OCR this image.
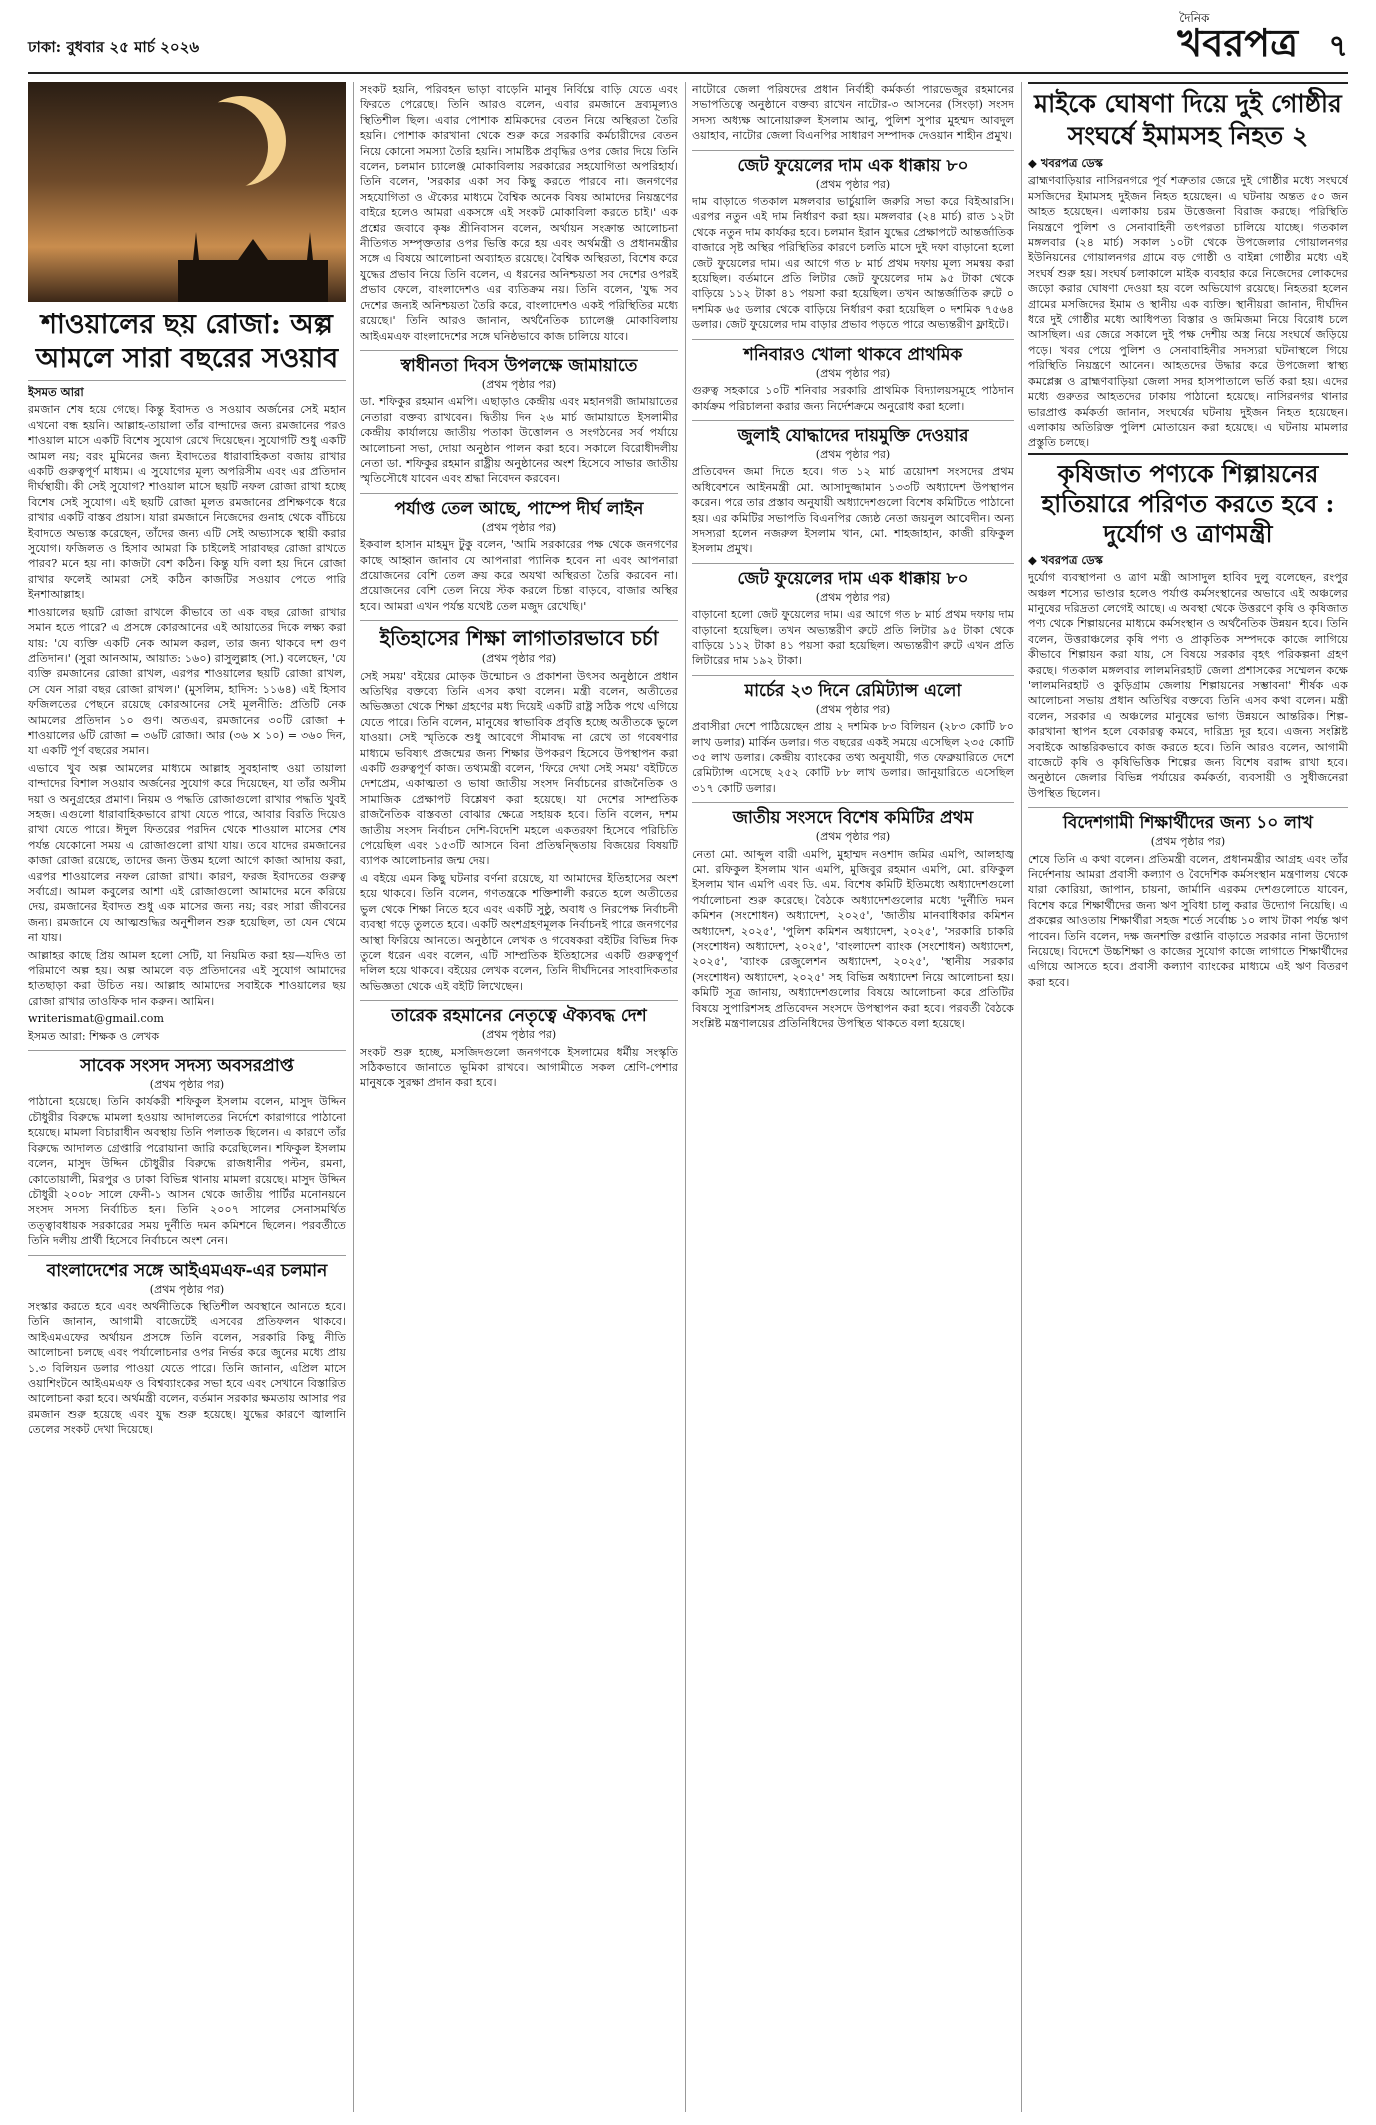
ঢাকা: বুধবার ২৫ মার্চ ২০২৬
দৈনিক
খবরপত্র ৭
শাওয়ালের ছয় রোজা: অল্প আমলে সারা বছরের সওয়াব
ইসমত আরা

রমজান শেষ হয়ে গেছে। কিন্তু ইবাদত ও সওয়াব অর্জনের সেই মহান এখনো বন্ধ হয়নি। আল্লাহ-তায়ালা তাঁর বান্দাদের জন্য রমজানের পরও শাওয়াল মাসে একটি বিশেষ সুযোগ রেখে দিয়েছেন। সুযোগটি শুধু একটি আমল নয়; বরং মুমিনের জন্য ইবাদতের ধারাবাহিকতা বজায় রাখার একটি গুরুত্বপূর্ণ মাধ্যম। এ সুযোগের মূল্য অপরিসীম এবং এর প্রতিদান দীর্ঘস্থায়ী। কী সেই সুযোগ? শাওয়াল মাসে ছয়টি নফল রোজা রাখা হচ্ছে বিশেষ সেই সুযোগ। এই ছয়টি রোজা মূলত রমজানের প্রশিক্ষণকে ধরে রাখার একটি বাস্তব প্রয়াস। যারা রমজানে নিজেদের গুনাহ থেকে বাঁচিয়ে ইবাদতে অভ্যস্ত করেছেন, তাঁদের জন্য এটি সেই অভ্যাসকে স্থায়ী করার সুযোগ। ফজিলত ও হিসাব আমরা কি চাইলেই সারাবছর রোজা রাখতে পারব? মনে হয় না। কাজটা বেশ কঠিন। কিন্তু যদি বলা হয় দিনে রোজা রাখার ফলেই আমরা সেই কঠিন কাজটির সওয়াব পেতে পারি ইনশাআল্লাহ।

শাওয়ালের ছয়টি রোজা রাখলে কীভাবে তা এক বছর রোজা রাখার সমান হতে পারে? এ প্রসঙ্গে কোরআনের এই আয়াতের দিকে লক্ষ্য করা যায়: 'যে ব্যক্তি একটি নেক আমল করল, তার জন্য থাকবে দশ গুণ প্রতিদান।' (সুরা আনআম, আয়াত: ১৬০) রাসুলুল্লাহ (সা.) বলেছেন, 'যে ব্যক্তি রমজানের রোজা রাখল, এরপর শাওয়ালের ছয়টি রোজা রাখল, সে যেন সারা বছর রোজা রাখল।' (মুসলিম, হাদিস: ১১৬৪) এই হিসাব ফজিলতের পেছনে রয়েছে কোরআনের সেই মূলনীতি: প্রতিটি নেক আমলের প্রতিদান ১০ গুণ। অতএব, রমজানের ৩০টি রোজা + শাওয়ালের ৬টি রোজা = ৩৬টি রোজা। আর (৩৬ × ১০) = ৩৬০ দিন, যা একটি পূর্ণ বছরের সমান।

এভাবে খুব অল্প আমলের মাধ্যমে আল্লাহ সুবহানাহু ওয়া তায়ালা বান্দাদের বিশাল সওয়াব অর্জনের সুযোগ করে দিয়েছেন, যা তাঁর অসীম দয়া ও অনুগ্রহের প্রমাণ। নিয়ম ও পদ্ধতি রোজাগুলো রাখার পদ্ধতি খুবই সহজ। এগুলো ধারাবাহিকভাবে রাখা যেতে পারে, আবার বিরতি দিয়েও রাখা যেতে পারে। ঈদুল ফিতরের পরদিন থেকে শাওয়াল মাসের শেষ পর্যন্ত যেকোনো সময় এ রোজাগুলো রাখা যায়। তবে যাদের রমজানের কাজা রোজা রয়েছে, তাদের জন্য উত্তম হলো আগে কাজা আদায় করা, এরপর শাওয়ালের নফল রোজা রাখা। কারণ, ফরজ ইবাদতের গুরুত্ব সর্বাগ্রে। আমল কবুলের আশা এই রোজাগুলো আমাদের মনে করিয়ে দেয়, রমজানের ইবাদত শুধু এক মাসের জন্য নয়; বরং সারা জীবনের জন্য। রমজানে যে আত্মশুদ্ধির অনুশীলন শুরু হয়েছিল, তা যেন থেমে না যায়।

আল্লাহর কাছে প্রিয় আমল হলো সেটি, যা নিয়মিত করা হয়—যদিও তা পরিমাণে অল্প হয়। অল্প আমলে বড় প্রতিদানের এই সুযোগ আমাদের হাতছাড়া করা উচিত নয়। আল্লাহ আমাদের সবাইকে শাওয়ালের ছয় রোজা রাখার তাওফিক দান করুন। আমিন।

writerismat@gmail.com

ইসমত আরা: শিক্ষক ও লেখক

সাবেক সংসদ সদস্য অবসরপ্রাপ্ত
(প্রথম পৃষ্ঠার পর)

পাঠানো হয়েছে। তিনি কার্যকরী শফিকুল ইসলাম বলেন, মাসুদ উদ্দিন চৌধুরীর বিরুদ্ধে মামলা হওয়ায় আদালতের নির্দেশে কারাগারে পাঠানো হয়েছে। মামলা বিচারাধীন অবস্থায় তিনি পলাতক ছিলেন। এ কারণে তাঁর বিরুদ্ধে আদালত গ্রেপ্তারি পরোয়ানা জারি করেছিলেন। শফিকুল ইসলাম বলেন, মাসুদ উদ্দিন চৌধুরীর বিরুদ্ধে রাজধানীর পল্টন, রমনা, কোতোয়ালী, মিরপুর ও ঢাকা বিভিন্ন থানায় মামলা রয়েছে। মাসুদ উদ্দিন চৌধুরী ২০০৮ সালে ফেনী-১ আসন থেকে জাতীয় পার্টির মনোনয়নে সংসদ সদস্য নির্বাচিত হন। তিনি ২০০৭ সালের সেনাসমর্থিত তত্ত্বাবধায়ক সরকারের সময় দুর্নীতি দমন কমিশনে ছিলেন। পরবর্তীতে তিনি দলীয় প্রার্থী হিসেবে নির্বাচনে অংশ নেন।

বাংলাদেশের সঙ্গে আইএমএফ-এর চলমান
(প্রথম পৃষ্ঠার পর)

সংস্কার করতে হবে এবং অর্থনীতিকে স্থিতিশীল অবস্থানে আনতে হবে। তিনি জানান, আগামী বাজেটেই এসবের প্রতিফলন থাকবে। আইএমএফের অর্থায়ন প্রসঙ্গে তিনি বলেন, সরকারি কিছু নীতি আলোচনা চলছে এবং পর্যালোচনার ওপর নির্ভর করে জুনের মধ্যে প্রায় ১.৩ বিলিয়ন ডলার পাওয়া যেতে পারে। তিনি জানান, এপ্রিল মাসে ওয়াশিংটনে আইএমএফ ও বিশ্বব্যাংকের সভা হবে এবং সেখানে বিস্তারিত আলোচনা করা হবে। অর্থমন্ত্রী বলেন, বর্তমান সরকার ক্ষমতায় আসার পর রমজান শুরু হয়েছে এবং যুদ্ধ শুরু হয়েছে। যুদ্ধের কারণে জ্বালানি তেলের সংকট দেখা দিয়েছে।

সংকট হয়নি, পরিবহন ভাড়া বাড়েনি মানুষ নির্বিঘ্নে বাড়ি যেতে এবং ফিরতে পেরেছে। তিনি আরও বলেন, এবার রমজানে দ্রব্যমূল্যও স্থিতিশীল ছিল। এবার পোশাক শ্রমিকদের বেতন নিয়ে অস্থিরতা তৈরি হয়নি। পোশাক কারখানা থেকে শুরু করে সরকারি কর্মচারীদের বেতন নিয়ে কোনো সমস্যা তৈরি হয়নি। সামষ্টিক প্রবৃদ্ধির ওপর জোর দিয়ে তিনি বলেন, চলমান চ্যালেঞ্জ মোকাবিলায় সরকারের সহযোগিতা অপরিহার্য। তিনি বলেন, 'সরকার একা সব কিছু করতে পারবে না। জনগণের সহযোগিতা ও ঐক্যের মাধ্যমে বৈশ্বিক অনেক বিষয় আমাদের নিয়ন্ত্রণের বাইরে হলেও আমরা একসঙ্গে এই সংকট মোকাবিলা করতে চাই।' এক প্রশ্নের জবাবে কৃষ্ণ শ্রীনিবাসন বলেন, অর্থায়ন সংক্রান্ত আলোচনা নীতিগত সম্পৃক্ততার ওপর ভিত্তি করে হয় এবং অর্থমন্ত্রী ও প্রধানমন্ত্রীর সঙ্গে এ বিষয়ে আলোচনা অব্যাহত রয়েছে। বৈশ্বিক অস্থিরতা, বিশেষ করে যুদ্ধের প্রভাব নিয়ে তিনি বলেন, এ ধরনের অনিশ্চয়তা সব দেশের ওপরই প্রভাব ফেলে, বাংলাদেশও এর ব্যতিক্রম নয়। তিনি বলেন, 'যুদ্ধ সব দেশের জন্যই অনিশ্চয়তা তৈরি করে, বাংলাদেশও একই পরিস্থিতির মধ্যে রয়েছে।' তিনি আরও জানান, অর্থনৈতিক চ্যালেঞ্জ মোকাবিলায় আইএমএফ বাংলাদেশের সঙ্গে ঘনিষ্ঠভাবে কাজ চালিয়ে যাবে।

স্বাধীনতা দিবস উপলক্ষে জামায়াতে
(প্রথম পৃষ্ঠার পর)

ডা. শফিকুর রহমান এমপি। এছাড়াও কেন্দ্রীয় এবং মহানগরী জামায়াতের নেতারা বক্তব্য রাখবেন। দ্বিতীয় দিন ২৬ মার্চ জামায়াতে ইসলামীর কেন্দ্রীয় কার্যালয়ে জাতীয় পতাকা উত্তোলন ও সংগঠনের সর্ব পর্যায়ে আলোচনা সভা, দোয়া অনুষ্ঠান পালন করা হবে। সকালে বিরোধীদলীয় নেতা ডা. শফিকুর রহমান রাষ্ট্রীয় অনুষ্ঠানের অংশ হিসেবে সাভার জাতীয় স্মৃতিসৌধে যাবেন এবং শ্রদ্ধা নিবেদন করবেন।

পর্যাপ্ত তেল আছে, পাম্পে দীর্ঘ লাইন
(প্রথম পৃষ্ঠার পর)

ইকবাল হাসান মাহমুদ টুকু বলেন, 'আমি সরকারের পক্ষ থেকে জনগণের কাছে আহ্বান জানাব যে আপনারা প্যানিক হবেন না এবং আপনারা প্রয়োজনের বেশি তেল ক্রয় করে অযথা অস্থিরতা তৈরি করবেন না। প্রয়োজনের বেশি তেল নিয়ে স্টক করলে চিন্তা বাড়বে, বাজার অস্থির হবে। আমরা এখন পর্যন্ত যথেষ্ট তেল মজুদ রেখেছি।'

ইতিহাসের শিক্ষা লাগাতারভাবে চর্চা
(প্রথম পৃষ্ঠার পর)

সেই সময়' বইয়ের মোড়ক উন্মোচন ও প্রকাশনা উৎসব অনুষ্ঠানে প্রধান অতিথির বক্তব্যে তিনি এসব কথা বলেন। মন্ত্রী বলেন, অতীতের অভিজ্ঞতা থেকে শিক্ষা গ্রহণের মধ্য দিয়েই একটি রাষ্ট্র সঠিক পথে এগিয়ে যেতে পারে। তিনি বলেন, মানুষের স্বাভাবিক প্রবৃত্তি হচ্ছে অতীতকে ভুলে যাওয়া। সেই স্মৃতিকে শুধু আবেগে সীমাবদ্ধ না রেখে তা গবেষণার মাধ্যমে ভবিষ্যৎ প্রজন্মের জন্য শিক্ষার উপকরণ হিসেবে উপস্থাপন করা একটি গুরুত্বপূর্ণ কাজ। তথ্যমন্ত্রী বলেন, 'ফিরে দেখা সেই সময়' বইটিতে দেশপ্রেম, একাত্মতা ও ভাষা জাতীয় সংসদ নির্বাচনের রাজনৈতিক ও সামাজিক প্রেক্ষাপট বিশ্লেষণ করা হয়েছে। যা দেশের সাম্প্রতিক রাজনৈতিক বাস্তবতা বোঝার ক্ষেত্রে সহায়ক হবে। তিনি বলেন, দশম জাতীয় সংসদ নির্বাচন দেশি-বিদেশি মহলে একতরফা হিসেবে পরিচিতি পেয়েছিল এবং ১৫৩টি আসনে বিনা প্রতিদ্বন্দ্বিতায় বিজয়ের বিষয়টি ব্যাপক আলোচনার জন্ম দেয়।

এ বইয়ে এমন কিছু ঘটনার বর্ণনা রয়েছে, যা আমাদের ইতিহাসের অংশ হয়ে থাকবে। তিনি বলেন, গণতন্ত্রকে শক্তিশালী করতে হলে অতীতের ভুল থেকে শিক্ষা নিতে হবে এবং একটি সুষ্ঠু, অবাধ ও নিরপেক্ষ নির্বাচনী ব্যবস্থা গড়ে তুলতে হবে। একটি অংশগ্রহণমূলক নির্বাচনই পারে জনগণের আস্থা ফিরিয়ে আনতে। অনুষ্ঠানে লেখক ও গবেষকরা বইটির বিভিন্ন দিক তুলে ধরেন এবং বলেন, এটি সাম্প্রতিক ইতিহাসের একটি গুরুত্বপূর্ণ দলিল হয়ে থাকবে। বইয়ের লেখক বলেন, তিনি দীর্ঘদিনের সাংবাদিকতার অভিজ্ঞতা থেকে এই বইটি লিখেছেন।

তারেক রহমানের নেতৃত্বে ঐক্যবদ্ধ দেশ
(প্রথম পৃষ্ঠার পর)

সংকট শুরু হচ্ছে, মসজিদগুলো জনগণকে ইসলামের ধর্মীয় সংস্কৃতি সঠিকভাবে জানাতে ভূমিকা রাখবে। আগামীতে সকল শ্রেণি-পেশার মানুষকে সুরক্ষা প্রদান করা হবে।

নাটোরে জেলা পরিষদের প্রধান নির্বাহী কর্মকর্তা পারভেজুর রহমানের সভাপতিত্বে অনুষ্ঠানে বক্তব্য রাখেন নাটোর-৩ আসনের (সিংড়া) সংসদ সদস্য অধ্যক্ষ আনোয়ারুল ইসলাম আনু, পুলিশ সুপার মুহম্মদ আবদুল ওয়াহাব, নাটোর জেলা বিএনপির সাধারণ সম্পাদক দেওয়ান শাহীন প্রমুখ।

জেট ফুয়েলের দাম এক ধাক্কায় ৮০
(প্রথম পৃষ্ঠার পর)

দাম বাড়াতে গতকাল মঙ্গলবার ভার্চুয়ালি জরুরি সভা করে বিইআরসি। এরপর নতুন এই দাম নির্ধারণ করা হয়। মঙ্গলবার (২৪ মার্চ) রাত ১২টা থেকে নতুন দাম কার্যকর হবে। চলমান ইরান যুদ্ধের প্রেক্ষাপটে আন্তর্জাতিক বাজারে সৃষ্ট অস্থির পরিস্থিতির কারণে চলতি মাসে দুই দফা বাড়ানো হলো জেট ফুয়েলের দাম। এর আগে গত ৮ মার্চ প্রথম দফায় মূল্য সমন্বয় করা হয়েছিল। বর্তমানে প্রতি লিটার জেট ফুয়েলের দাম ৯৫ টাকা থেকে বাড়িয়ে ১১২ টাকা ৪১ পয়সা করা হয়েছিল। তখন আন্তর্জাতিক রুটে ০ দশমিক ৬৫ ডলার থেকে বাড়িয়ে নির্ধারণ করা হয়েছিল ০ দশমিক ৭৫৬৪ ডলার। জেট ফুয়েলের দাম বাড়ার প্রভাব পড়তে পারে অভ্যন্তরীণ ফ্লাইটে।

শনিবারও খোলা থাকবে প্রাথমিক
(প্রথম পৃষ্ঠার পর)

গুরুত্ব সহকারে ১০টি শনিবার সরকারি প্রাথমিক বিদ্যালয়সমূহে পাঠদান কার্যক্রম পরিচালনা করার জন্য নির্দেশক্রমে অনুরোধ করা হলো।

জুলাই যোদ্ধাদের দায়মুক্তি দেওয়ার
(প্রথম পৃষ্ঠার পর)

প্রতিবেদন জমা দিতে হবে। গত ১২ মার্চ ত্রয়োদশ সংসদের প্রথম অধিবেশনে আইনমন্ত্রী মো. আসাদুজ্জামান ১৩৩টি অধ্যাদেশ উপস্থাপন করেন। পরে তার প্রস্তাব অনুযায়ী অধ্যাদেশগুলো বিশেষ কমিটিতে পাঠানো হয়। এর কমিটির সভাপতি বিএনপির জ্যেষ্ঠ নেতা জয়নুল আবেদীন। অন্য সদস্যরা হলেন নজরুল ইসলাম খান, মো. শাহজাহান, কাজী রফিকুল ইসলাম প্রমুখ।

জেট ফুয়েলের দাম এক ধাক্কায় ৮০
(প্রথম পৃষ্ঠার পর)

বাড়ানো হলো জেট ফুয়েলের দাম। এর আগে গত ৮ মার্চ প্রথম দফায় দাম বাড়ানো হয়েছিল। তখন অভ্যন্তরীণ রুটে প্রতি লিটার ৯৫ টাকা থেকে বাড়িয়ে ১১২ টাকা ৪১ পয়সা করা হয়েছিল। অভ্যন্তরীণ রুটে এখন প্রতি লিটারের দাম ১৯২ টাকা।

মার্চের ২৩ দিনে রেমিট্যান্স এলো
(প্রথম পৃষ্ঠার পর)

প্রবাসীরা দেশে পাঠিয়েছেন প্রায় ২ দশমিক ৮৩ বিলিয়ন (২৮৩ কোটি ৮০ লাখ ডলার) মার্কিন ডলার। গত বছরের একই সময়ে এসেছিল ২৩৫ কোটি ৩৫ লাখ ডলার। কেন্দ্রীয় ব্যাংকের তথ্য অনুযায়ী, গত ফেব্রুয়ারিতে দেশে রেমিট্যান্স এসেছে ২৫২ কোটি ৮৮ লাখ ডলার। জানুয়ারিতে এসেছিল ৩১৭ কোটি ডলার।

জাতীয় সংসদে বিশেষ কমিটির প্রথম
(প্রথম পৃষ্ঠার পর)

নেতা মো. আব্দুল বারী এমপি, মুহাম্মদ নওশাদ জমির এমপি, আলহাজ্ব মো. রফিকুল ইসলাম খান এমপি, মুজিবুর রহমান এমপি, মো. রফিকুল ইসলাম খান এমপি এবং ডি. এম. বিশেষ কমিটি ইতিমধ্যে অধ্যাদেশগুলো পর্যালোচনা শুরু করেছে। বৈঠকে অধ্যাদেশগুলোর মধ্যে 'দুর্নীতি দমন কমিশন (সংশোধন) অধ্যাদেশ, ২০২৫', 'জাতীয় মানবাধিকার কমিশন অধ্যাদেশ, ২০২৫', 'পুলিশ কমিশন অধ্যাদেশ, ২০২৫', 'সরকারি চাকরি (সংশোধন) অধ্যাদেশ, ২০২৫', 'বাংলাদেশ ব্যাংক (সংশোধন) অধ্যাদেশ, ২০২৫', 'ব্যাংক রেজুলেশন অধ্যাদেশ, ২০২৫', 'স্থানীয় সরকার (সংশোধন) অধ্যাদেশ, ২০২৫' সহ বিভিন্ন অধ্যাদেশ নিয়ে আলোচনা হয়। কমিটি সূত্র জানায়, অধ্যাদেশগুলোর বিষয়ে আলোচনা করে প্রতিটির বিষয়ে সুপারিশসহ প্রতিবেদন সংসদে উপস্থাপন করা হবে। পরবর্তী বৈঠকে সংশ্লিষ্ট মন্ত্রণালয়ের প্রতিনিধিদের উপস্থিত থাকতে বলা হয়েছে।

মাইকে ঘোষণা দিয়ে দুই গোষ্ঠীর সংঘর্ষে ইমামসহ নিহত ২
◆ খবরপত্র ডেস্ক

ব্রাহ্মণবাড়িয়ার নাসিরনগরে পূর্ব শত্রুতার জেরে দুই গোষ্ঠীর মধ্যে সংঘর্ষে মসজিদের ইমামসহ দুইজন নিহত হয়েছেন। এ ঘটনায় অন্তত ৫০ জন আহত হয়েছেন। এলাকায় চরম উত্তেজনা বিরাজ করছে। পরিস্থিতি নিয়ন্ত্রণে পুলিশ ও সেনাবাহিনী তৎপরতা চালিয়ে যাচ্ছে। গতকাল মঙ্গলবার (২৪ মার্চ) সকাল ১০টা থেকে উপজেলার গোয়ালনগর ইউনিয়নের গোয়ালনগর গ্রামে বড় গোষ্ঠী ও বাইন্না গোষ্ঠীর মধ্যে এই সংঘর্ষ শুরু হয়। সংঘর্ষ চলাকালে মাইক ব্যবহার করে নিজেদের লোকদের জড়ো করার ঘোষণা দেওয়া হয় বলে অভিযোগ রয়েছে। নিহতরা হলেন গ্রামের মসজিদের ইমাম ও স্থানীয় এক ব্যক্তি। স্থানীয়রা জানান, দীর্ঘদিন ধরে দুই গোষ্ঠীর মধ্যে আধিপত্য বিস্তার ও জমিজমা নিয়ে বিরোধ চলে আসছিল। এর জেরে সকালে দুই পক্ষ দেশীয় অস্ত্র নিয়ে সংঘর্ষে জড়িয়ে পড়ে। খবর পেয়ে পুলিশ ও সেনাবাহিনীর সদস্যরা ঘটনাস্থলে গিয়ে পরিস্থিতি নিয়ন্ত্রণে আনেন। আহতদের উদ্ধার করে উপজেলা স্বাস্থ্য কমপ্লেক্স ও ব্রাহ্মণবাড়িয়া জেলা সদর হাসপাতালে ভর্তি করা হয়। এদের মধ্যে গুরুতর আহতদের ঢাকায় পাঠানো হয়েছে। নাসিরনগর থানার ভারপ্রাপ্ত কর্মকর্তা জানান, সংঘর্ষের ঘটনায় দুইজন নিহত হয়েছেন। এলাকায় অতিরিক্ত পুলিশ মোতায়েন করা হয়েছে। এ ঘটনায় মামলার প্রস্তুতি চলছে।

কৃষিজাত পণ্যকে শিল্পায়নের হাতিয়ারে পরিণত করতে হবে : দুর্যোগ ও ত্রাণমন্ত্রী
◆ খবরপত্র ডেস্ক

দুর্যোগ ব্যবস্থাপনা ও ত্রাণ মন্ত্রী আসাদুল হাবিব দুলু বলেছেন, রংপুর অঞ্চল শস্যের ভাণ্ডার হলেও পর্যাপ্ত কর্মসংস্থানের অভাবে এই অঞ্চলের মানুষের দরিদ্রতা লেগেই আছে। এ অবস্থা থেকে উত্তরণে কৃষি ও কৃষিজাত পণ্য থেকে শিল্পায়নের মাধ্যমে কর্মসংস্থান ও অর্থনৈতিক উন্নয়ন হবে। তিনি বলেন, উত্তরাঞ্চলের কৃষি পণ্য ও প্রাকৃতিক সম্পদকে কাজে লাগিয়ে কীভাবে শিল্পায়ন করা যায়, সে বিষয়ে সরকার বৃহৎ পরিকল্পনা গ্রহণ করছে। গতকাল মঙ্গলবার লালমনিরহাট জেলা প্রশাসকের সম্মেলন কক্ষে 'লালমনিরহাট ও কুড়িগ্রাম জেলায় শিল্পায়নের সম্ভাবনা' শীর্ষক এক আলোচনা সভায় প্রধান অতিথির বক্তব্যে তিনি এসব কথা বলেন। মন্ত্রী বলেন, সরকার এ অঞ্চলের মানুষের ভাগ্য উন্নয়নে আন্তরিক। শিল্প-কারখানা স্থাপন হলে বেকারত্ব কমবে, দারিদ্র্য দূর হবে। এজন্য সংশ্লিষ্ট সবাইকে আন্তরিকভাবে কাজ করতে হবে। তিনি আরও বলেন, আগামী বাজেটে কৃষি ও কৃষিভিত্তিক শিল্পের জন্য বিশেষ বরাদ্দ রাখা হবে। অনুষ্ঠানে জেলার বিভিন্ন পর্যায়ের কর্মকর্তা, ব্যবসায়ী ও সুধীজনেরা উপস্থিত ছিলেন।

বিদেশগামী শিক্ষার্থীদের জন্য ১০ লাখ
(প্রথম পৃষ্ঠার পর)

শেষে তিনি এ কথা বলেন। প্রতিমন্ত্রী বলেন, প্রধানমন্ত্রীর আগ্রহ এবং তাঁর নির্দেশনায় আমরা প্রবাসী কল্যাণ ও বৈদেশিক কর্মসংস্থান মন্ত্রণালয় থেকে যারা কোরিয়া, জাপান, চায়না, জার্মানি এরকম দেশগুলোতে যাবেন, বিশেষ করে শিক্ষার্থীদের জন্য ঋণ সুবিধা চালু করার উদ্যোগ নিয়েছি। এ প্রকল্পের আওতায় শিক্ষার্থীরা সহজ শর্তে সর্বোচ্চ ১০ লাখ টাকা পর্যন্ত ঋণ পাবেন। তিনি বলেন, দক্ষ জনশক্তি রপ্তানি বাড়াতে সরকার নানা উদ্যোগ নিয়েছে। বিদেশে উচ্চশিক্ষা ও কাজের সুযোগ কাজে লাগাতে শিক্ষার্থীদের এগিয়ে আসতে হবে। প্রবাসী কল্যাণ ব্যাংকের মাধ্যমে এই ঋণ বিতরণ করা হবে।
